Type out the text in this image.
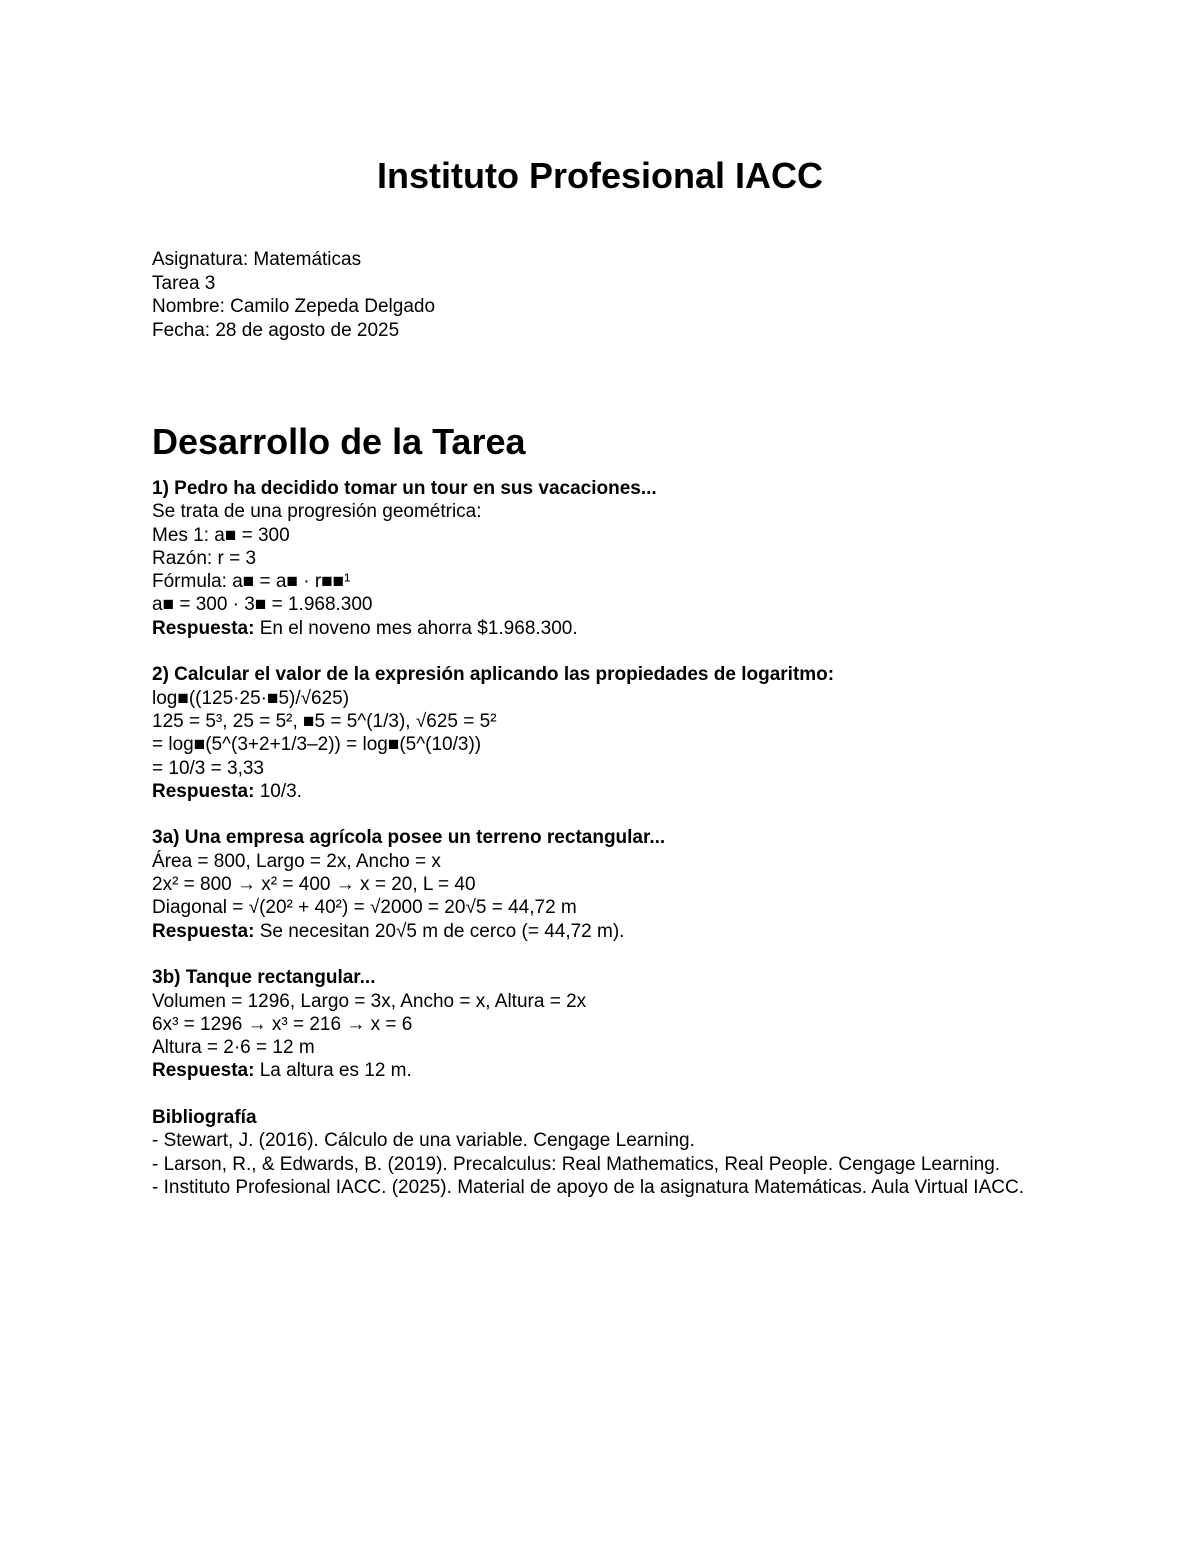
Instituto Profesional IACC
Asignatura: Matemáticas
Tarea 3
Nombre: Camilo Zepeda Delgado
Fecha: 28 de agosto de 2025
Desarrollo de la Tarea
1) Pedro ha decidido tomar un tour en sus vacaciones...
Se trata de una progresión geométrica:
Mes 1: a■ = 300
Razón: r = 3
Fórmula: a■ = a■ · r■■¹
a■ = 300 · 3■ = 1.968.300
Respuesta: En el noveno mes ahorra $1.968.300.
2) Calcular el valor de la expresión aplicando las propiedades de logaritmo:
log■((125·25·■5)/√625)
125 = 5³, 25 = 5², ■5 = 5^(1/3), √625 = 5²
= log■(5^(3+2+1/3–2)) = log■(5^(10/3))
= 10/3 = 3,33
Respuesta: 10/3.
3a) Una empresa agrícola posee un terreno rectangular...
Área = 800, Largo = 2x, Ancho = x
2x² = 800 → x² = 400 → x = 20, L = 40
Diagonal = √(20² + 40²) = √2000 = 20√5 = 44,72 m
Respuesta: Se necesitan 20√5 m de cerco (= 44,72 m).
3b) Tanque rectangular...
Volumen = 1296, Largo = 3x, Ancho = x, Altura = 2x
6x³ = 1296 → x³ = 216 → x = 6
Altura = 2·6 = 12 m
Respuesta: La altura es 12 m.
Bibliografía
- Stewart, J. (2016). Cálculo de una variable. Cengage Learning.
- Larson, R., & Edwards, B. (2019). Precalculus: Real Mathematics, Real People. Cengage Learning.
- Instituto Profesional IACC. (2025). Material de apoyo de la asignatura Matemáticas. Aula Virtual IACC.
